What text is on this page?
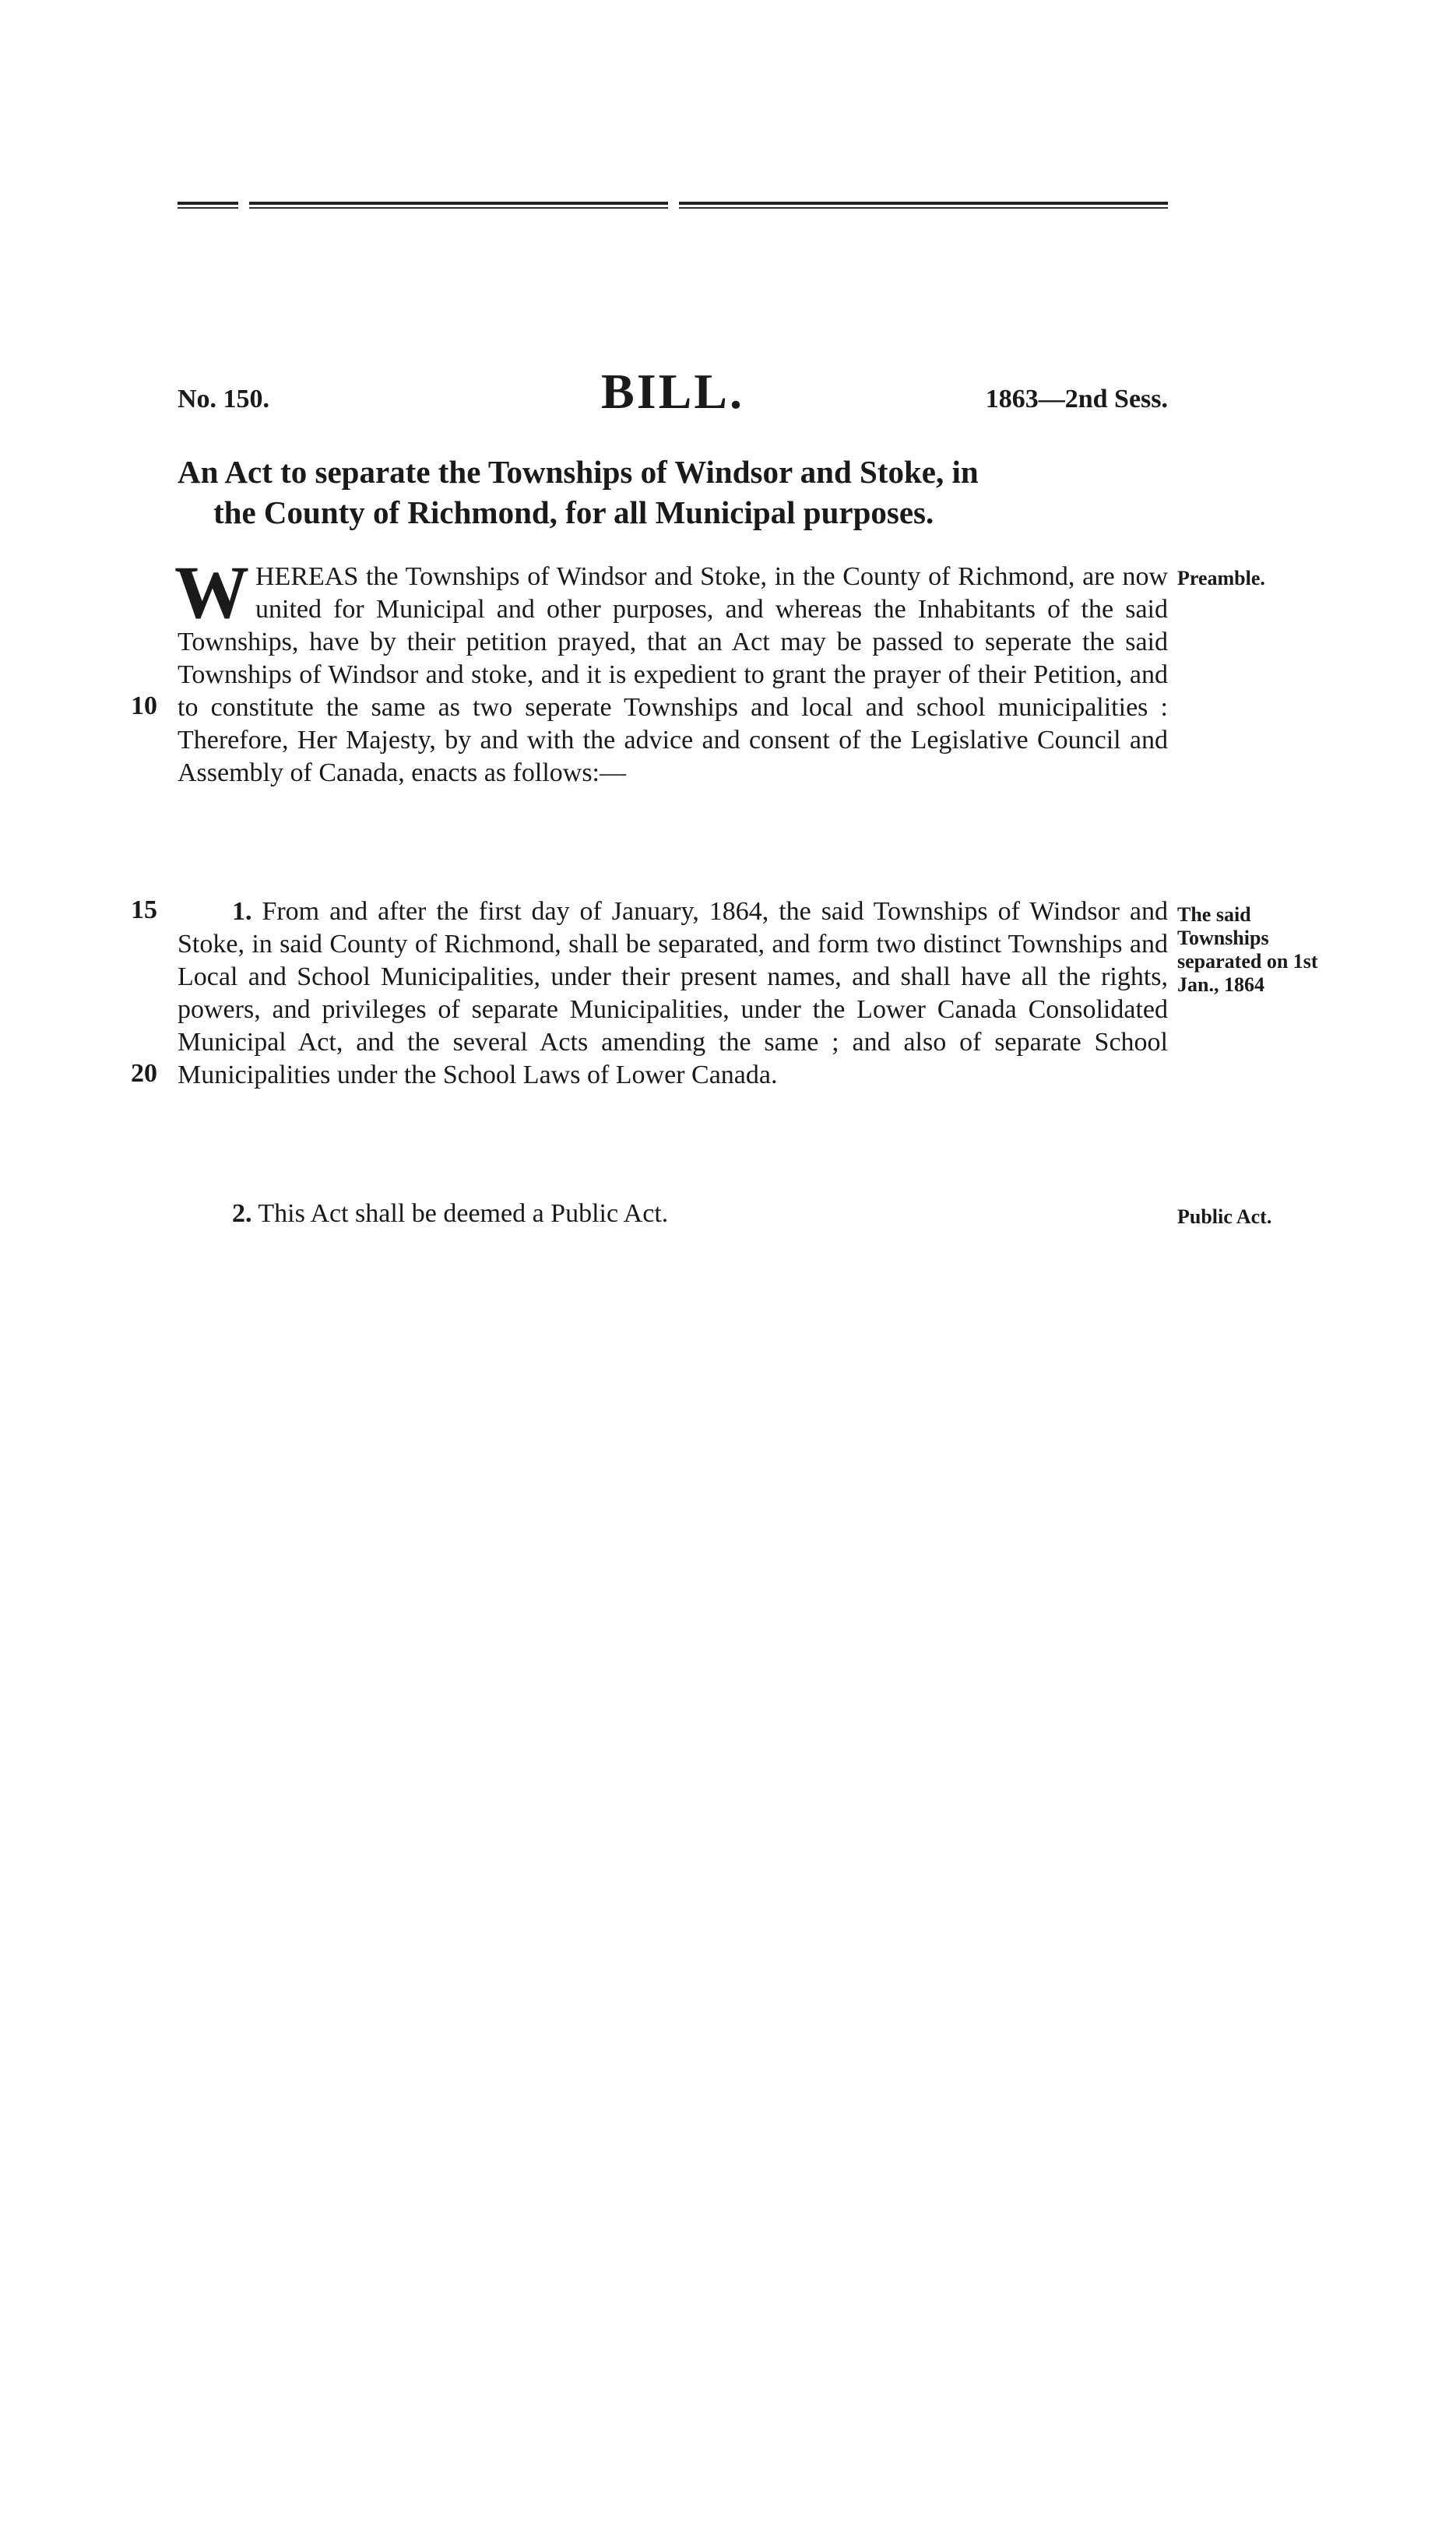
No. 150.	BILL.	1863—2nd Sess.
An Act to separate the Townships of Windsor and Stoke, in
the County of Richmond, for all Municipal purposes.
WHEREAS the Townships of Windsor and Stoke, in the County of Richmond, are now united for Municipal and other purposes, and whereas the Inhabitants of the said Townships, have by their petition prayed, that an Act may be passed to seperate the said Townships of Windsor and stoke, and it is expedient to grant the prayer of their Petition, and to constitute the same as two seperate Townships and local and school municipalities : Therefore, Her Majesty, by and with the advice and consent of the Legislative Council and Assembly of Canada, enacts as follows:—
1. From and after the first day of January, 1864, the said Townships of Windsor and Stoke, in said County of Richmond, shall be separated, and form two distinct Townships and Local and School Municipalities, under their present names, and shall have all the rights, powers, and privileges of separate Municipalities, under the Lower Canada Consolidated Municipal Act, and the several Acts amending the same ; and also of separate School Municipalities under the School Laws of Lower Canada.
2. This Act shall be deemed a Public Act.
Preamble.
The said Townships separated on 1st Jan., 1864
Public Act.
10
15
20
